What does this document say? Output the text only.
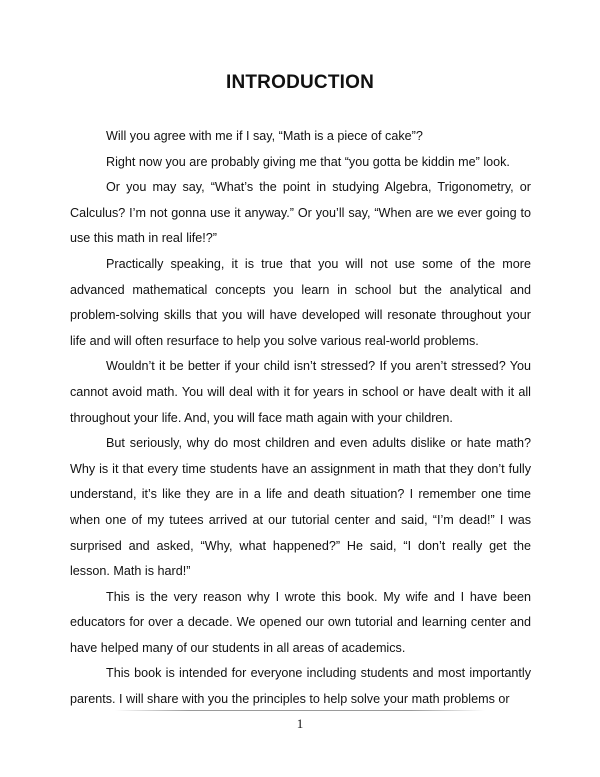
INTRODUCTION

Will you agree with me if I say, “Math is a piece of cake”?

Right now you are probably giving me that “you gotta be kiddin me” look.

Or you may say, “What’s the point in studying Algebra, Trigonometry, or Calculus? I’m not gonna use it anyway.” Or you’ll say, “When are we ever going to use this math in real life!?”

Practically speaking, it is true that you will not use some of the more advanced mathematical concepts you learn in school but the analytical and problem-solving skills that you will have developed will resonate throughout your life and will often resurface to help you solve various real-world problems.

Wouldn’t it be better if your child isn’t stressed? If you aren’t stressed? You cannot avoid math. You will deal with it for years in school or have dealt with it all throughout your life. And, you will face math again with your children.

But seriously, why do most children and even adults dislike or hate math? Why is it that every time students have an assignment in math that they don’t fully understand, it’s like they are in a life and death situation? I remember one time when one of my tutees arrived at our tutorial center and said, “I’m dead!” I was surprised and asked, “Why, what happened?” He said, “I don’t really get the lesson. Math is hard!”

This is the very reason why I wrote this book. My wife and I have been educators for over a decade. We opened our own tutorial and learning center and have helped many of our students in all areas of academics.

This book is intended for everyone including students and most importantly parents. I will share with you the principles to help solve your math problems or

1
